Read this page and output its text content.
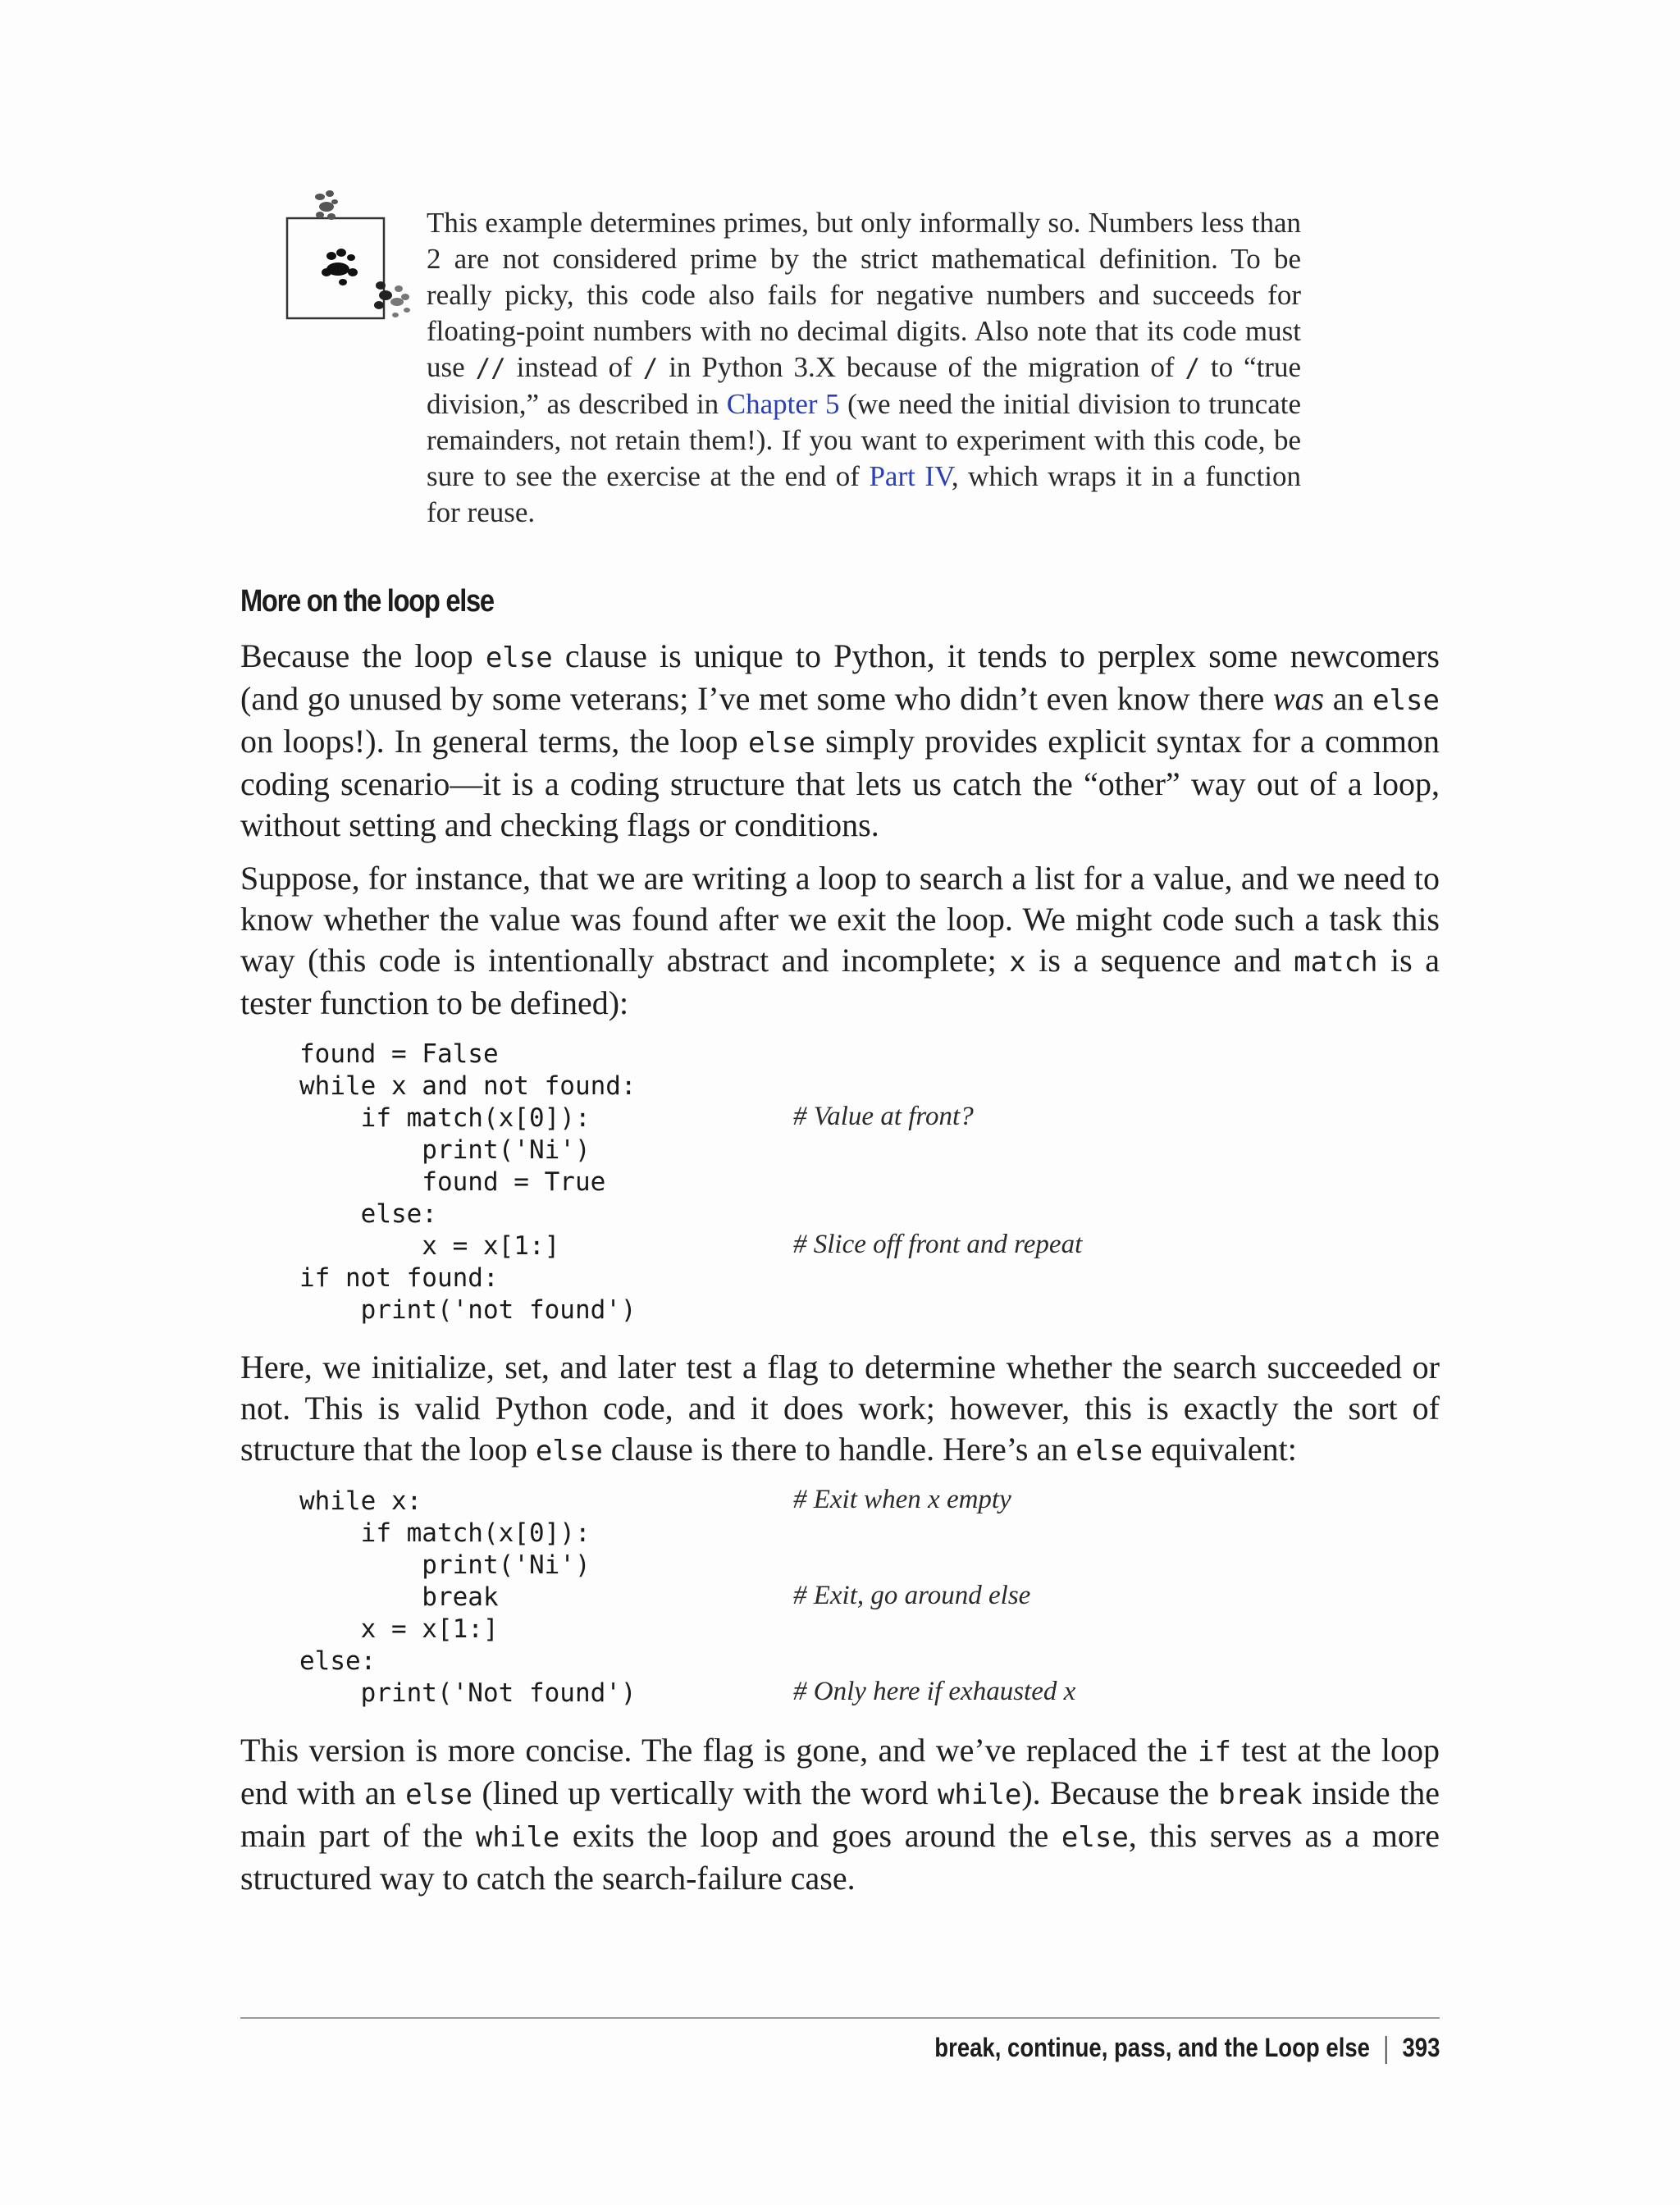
This example determines primes, but only informally so. Numbers less than 2 are not considered prime by the strict mathematical definition. To be really picky, this code also fails for negative numbers and succeeds for floating-point numbers with no decimal digits. Also note that its code must use // instead of / in Python 3.X because of the migration of / to “true division,” as described in Chapter 5 (we need the initial division to truncate remainders, not retain them!). If you want to experiment with this code, be sure to see the exercise at the end of Part IV, which wraps it in a function for reuse.

More on the loop else

Because the loop else clause is unique to Python, it tends to perplex some newcomers (and go unused by some veterans; I’ve met some who didn’t even know there was an else on loops!). In general terms, the loop else simply provides explicit syntax for a common coding scenario—it is a coding structure that lets us catch the “other” way out of a loop, without setting and checking flags or conditions.

Suppose, for instance, that we are writing a loop to search a list for a value, and we need to know whether the value was found after we exit the loop. We might code such a task this way (this code is intentionally abstract and incomplete; x is a sequence and match is a tester function to be defined):

found = False
while x and not found:
if match(x[0]):
print('Ni')
found = True
else:
x = x[1:]
if not found:
print('not found')
# Value at front?
# Slice off front and repeat

Here, we initialize, set, and later test a flag to determine whether the search succeeded or not. This is valid Python code, and it does work; however, this is exactly the sort of structure that the loop else clause is there to handle. Here’s an else equivalent:

while x:
if match(x[0]):
print('Ni')
break
x = x[1:]
else:
print('Not found')
# Exit when x empty
# Exit, go around else
# Only here if exhausted x

This version is more concise. The flag is gone, and we’ve replaced the if test at the loop end with an else (lined up vertically with the word while). Because the break inside the main part of the while exits the loop and goes around the else, this serves as a more structured way to catch the search-failure case.

break, continue, pass, and the Loop else 393
